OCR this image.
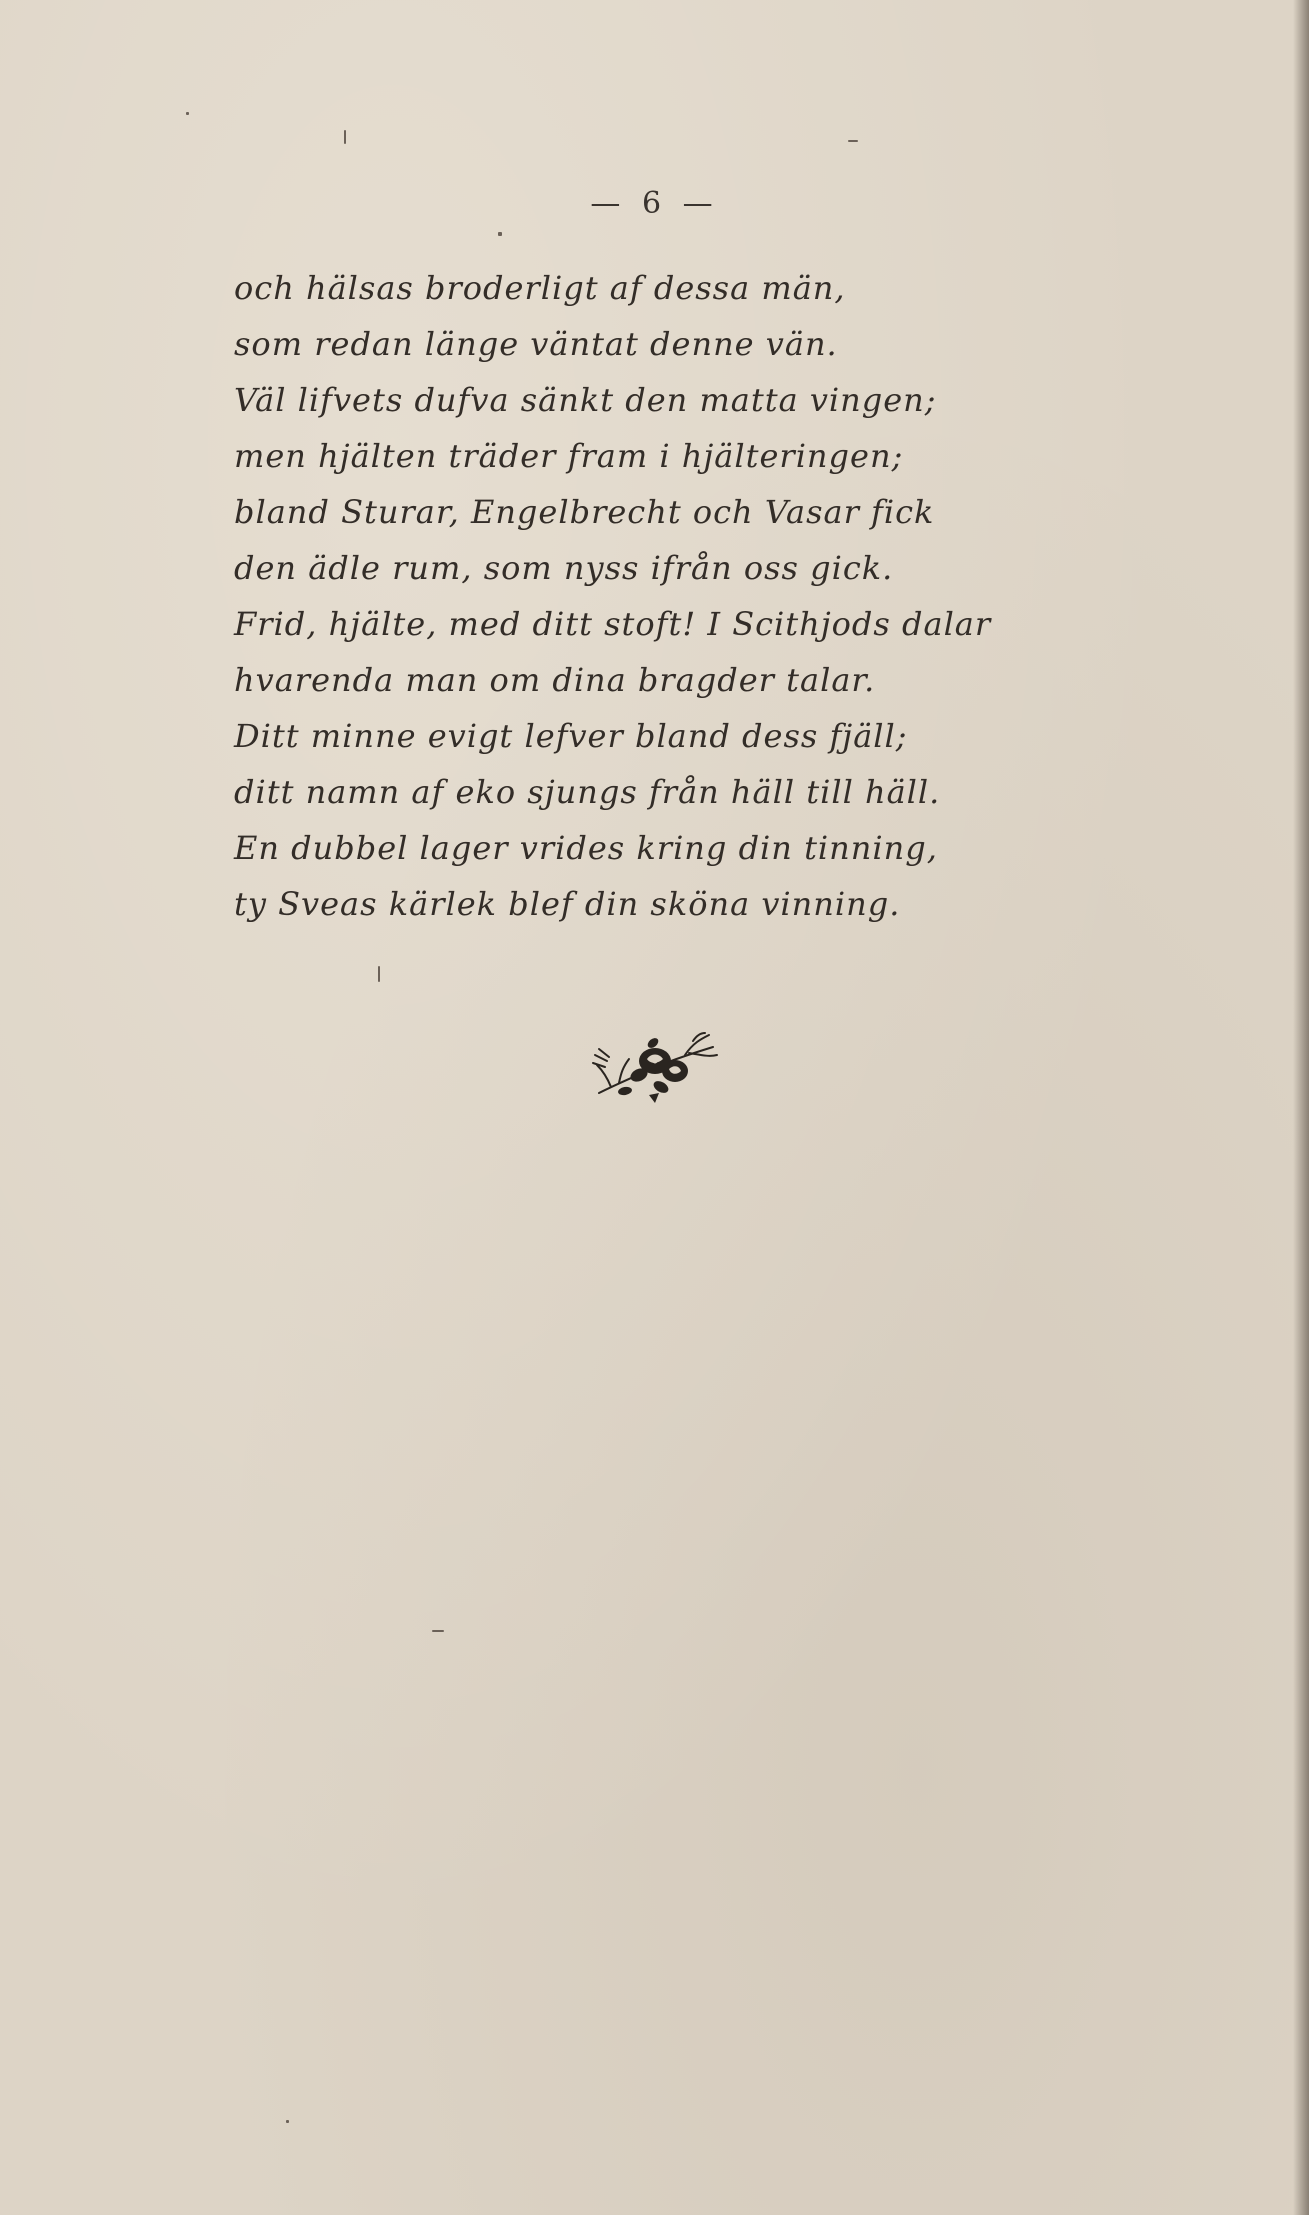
— 6 —
och hälsas broderligt af dessa män,
som redan länge väntat denne vän.
Väl lifvets dufva sänkt den matta vingen;
men hjälten träder fram i hjälteringen;
bland Sturar, Engelbrecht och Vasar fick
den ädle rum, som nyss ifrån oss gick.
Frid, hjälte, med ditt stoft! I Scithjods dalar
hvarenda man om dina bragder talar.
Ditt minne evigt lefver bland dess fjäll;
ditt namn af eko sjungs från häll till häll.
En dubbel lager vrides kring din tinning,
ty Sveas kärlek blef din sköna vinning.
